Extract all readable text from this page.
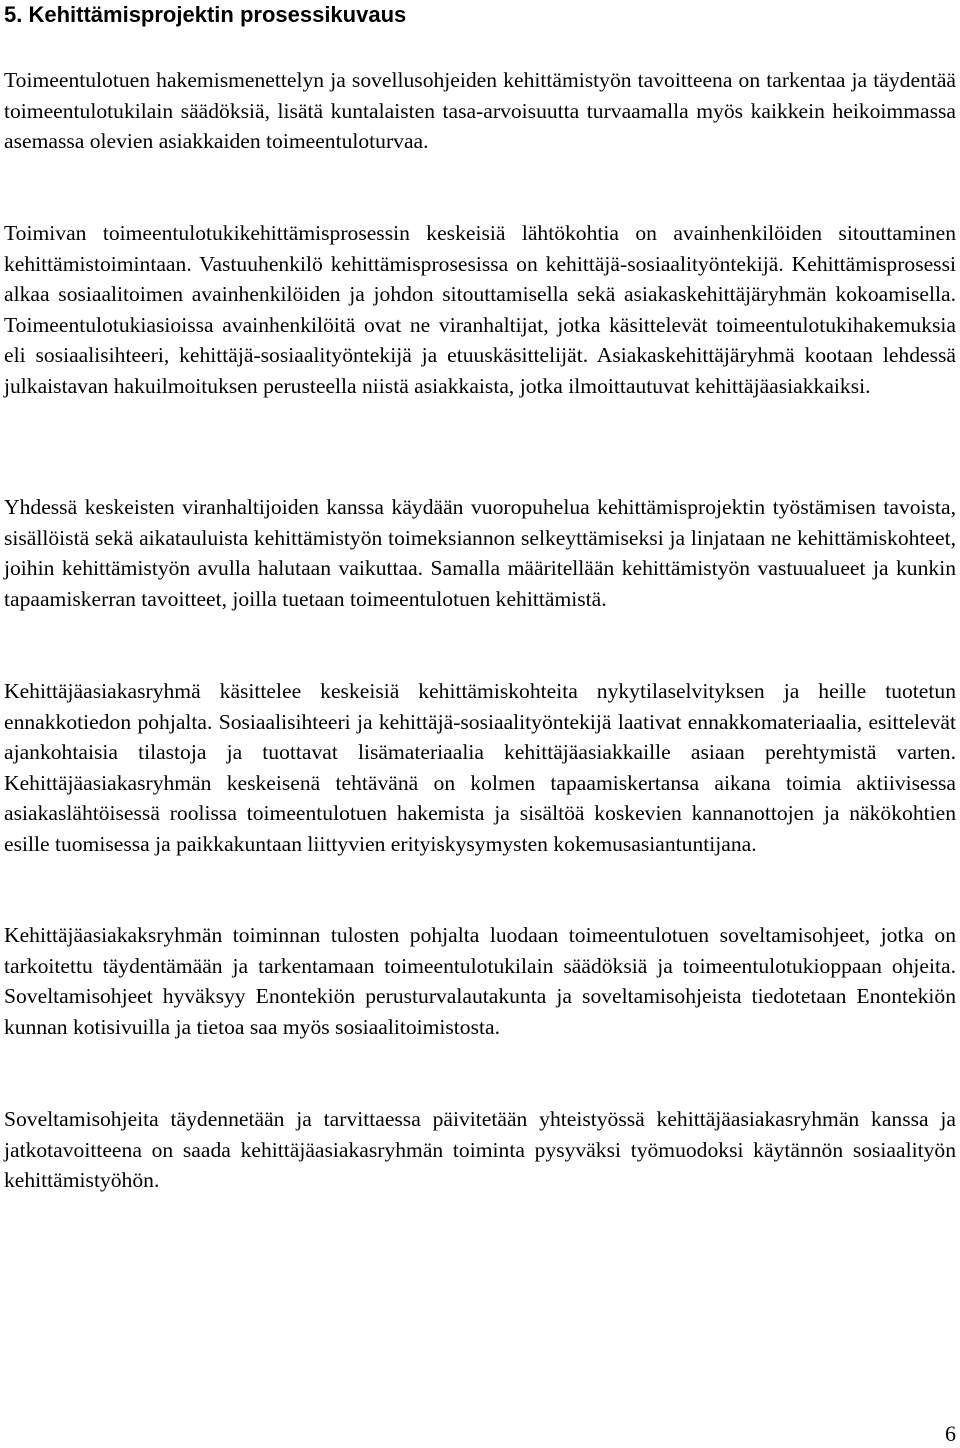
5. Kehittämisprojektin prosessikuvaus

Toimeentulotuen hakemismenettelyn ja sovellusohjeiden kehittämistyön tavoitteena on tarkentaa ja täydentää toimeentulotukilain säädöksiä, lisätä kuntalaisten tasa-arvoisuutta turvaamalla myös kaikkein heikoimmassa asemassa olevien asiakkaiden toimeentuloturvaa.

Toimivan toimeentulotukikehittämisprosessin keskeisiä lähtökohtia on avainhenkilöiden sitouttaminen kehittämistoimintaan. Vastuuhenkilö kehittämisprosesissa on kehittäjä-sosiaalityöntekijä. Kehittämisprosessi alkaa sosiaalitoimen avainhenkilöiden ja johdon sitouttamisella sekä asiakaskehittäjäryhmän kokoamisella. Toimeentulotukiasioissa avainhenkilöitä ovat ne viranhaltijat, jotka käsittelevät toimeentulotukihakemuksia eli sosiaalisihteeri, kehittäjä-sosiaalityöntekijä ja etuuskäsittelijät. Asiakaskehittäjäryhmä kootaan lehdessä julkaistavan hakuilmoituksen perusteella niistä asiakkaista, jotka ilmoittautuvat kehittäjäasiakkaiksi.

Yhdessä keskeisten viranhaltijoiden kanssa käydään vuoropuhelua kehittämisprojektin työstämisen tavoista, sisällöistä sekä aikatauluista kehittämistyön toimeksiannon selkeyttämiseksi ja linjataan ne kehittämiskohteet, joihin kehittämistyön avulla halutaan vaikuttaa. Samalla määritellään kehittämistyön vastuualueet ja kunkin tapaamiskerran tavoitteet, joilla tuetaan toimeentulotuen kehittämistä.

Kehittäjäasiakasryhmä käsittelee keskeisiä kehittämiskohteita nykytilaselvityksen ja heille tuotetun ennakkotiedon pohjalta. Sosiaalisihteeri ja kehittäjä-sosiaalityöntekijä laativat ennakkomateriaalia, esittelevät ajankohtaisia tilastoja ja tuottavat lisämateriaalia kehittäjäasiakkaille asiaan perehtymistä varten. Kehittäjäasiakasryhmän keskeisenä tehtävänä on kolmen tapaamiskertansa aikana toimia aktiivisessa asiakaslähtöisessä roolissa toimeentulotuen hakemista ja sisältöä koskevien kannanottojen ja näkökohtien esille tuomisessa ja paikkakuntaan liittyvien erityiskysymysten kokemusasiantuntijana.

Kehittäjäasiakaksryhmän toiminnan tulosten pohjalta luodaan toimeentulotuen soveltamisohjeet, jotka on tarkoitettu täydentämään ja tarkentamaan toimeentulotukilain säädöksiä ja toimeentulotukioppaan ohjeita. Soveltamisohjeet hyväksyy Enontekiön perusturvalautakunta ja soveltamisohjeista tiedotetaan Enontekiön kunnan kotisivuilla ja tietoa saa myös sosiaalitoimistosta.

Soveltamisohjeita täydennetään ja tarvittaessa päivitetään yhteistyössä kehittäjäasiakasryhmän kanssa ja jatkotavoitteena on saada kehittäjäasiakasryhmän toiminta pysyväksi työmuodoksi käytännön sosiaalityön kehittämistyöhön.

6
